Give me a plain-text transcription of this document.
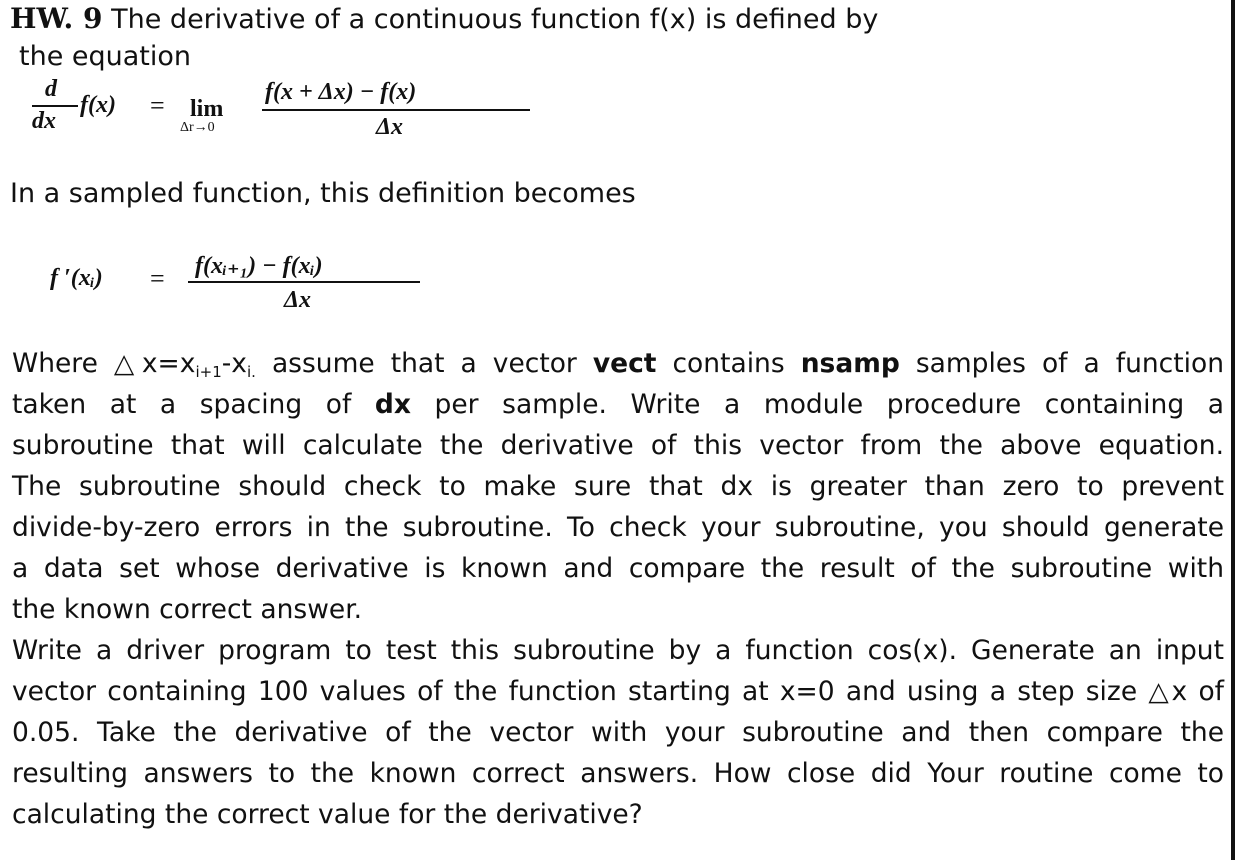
HW. 9 The derivative of a continuous function f(x) is defined by
the equation
d
dx
f(x) = lim
Δr→0
f(x + Δx) − f(x)
Δx
In a sampled function, this definition becomes
f ′(xᵢ) = f(xᵢ₊₁) − f(xᵢ)
Δx
Where $\triangle x=x_{i+1}-x_{i.}$ assume that a vector vect contains nsamp samples of a function
taken at a spacing of dx per sample. Write a module procedure containing a
subroutine that will calculate the derivative of this vector from the above equation.
The subroutine should check to make sure that dx is greater than zero to prevent
divide-by-zero errors in the subroutine. To check your subroutine, you should generate
a data set whose derivative is known and compare the result of the subroutine with
the known correct answer.
Write a driver program to test this subroutine by a function cos(x). Generate an input
vector containing 100 values of the function starting at x=0 and using a step size △x of
0.05. Take the derivative of the vector with your subroutine and then compare the
resulting answers to the known correct answers. How close did Your routine come to
calculating the correct value for the derivative?
